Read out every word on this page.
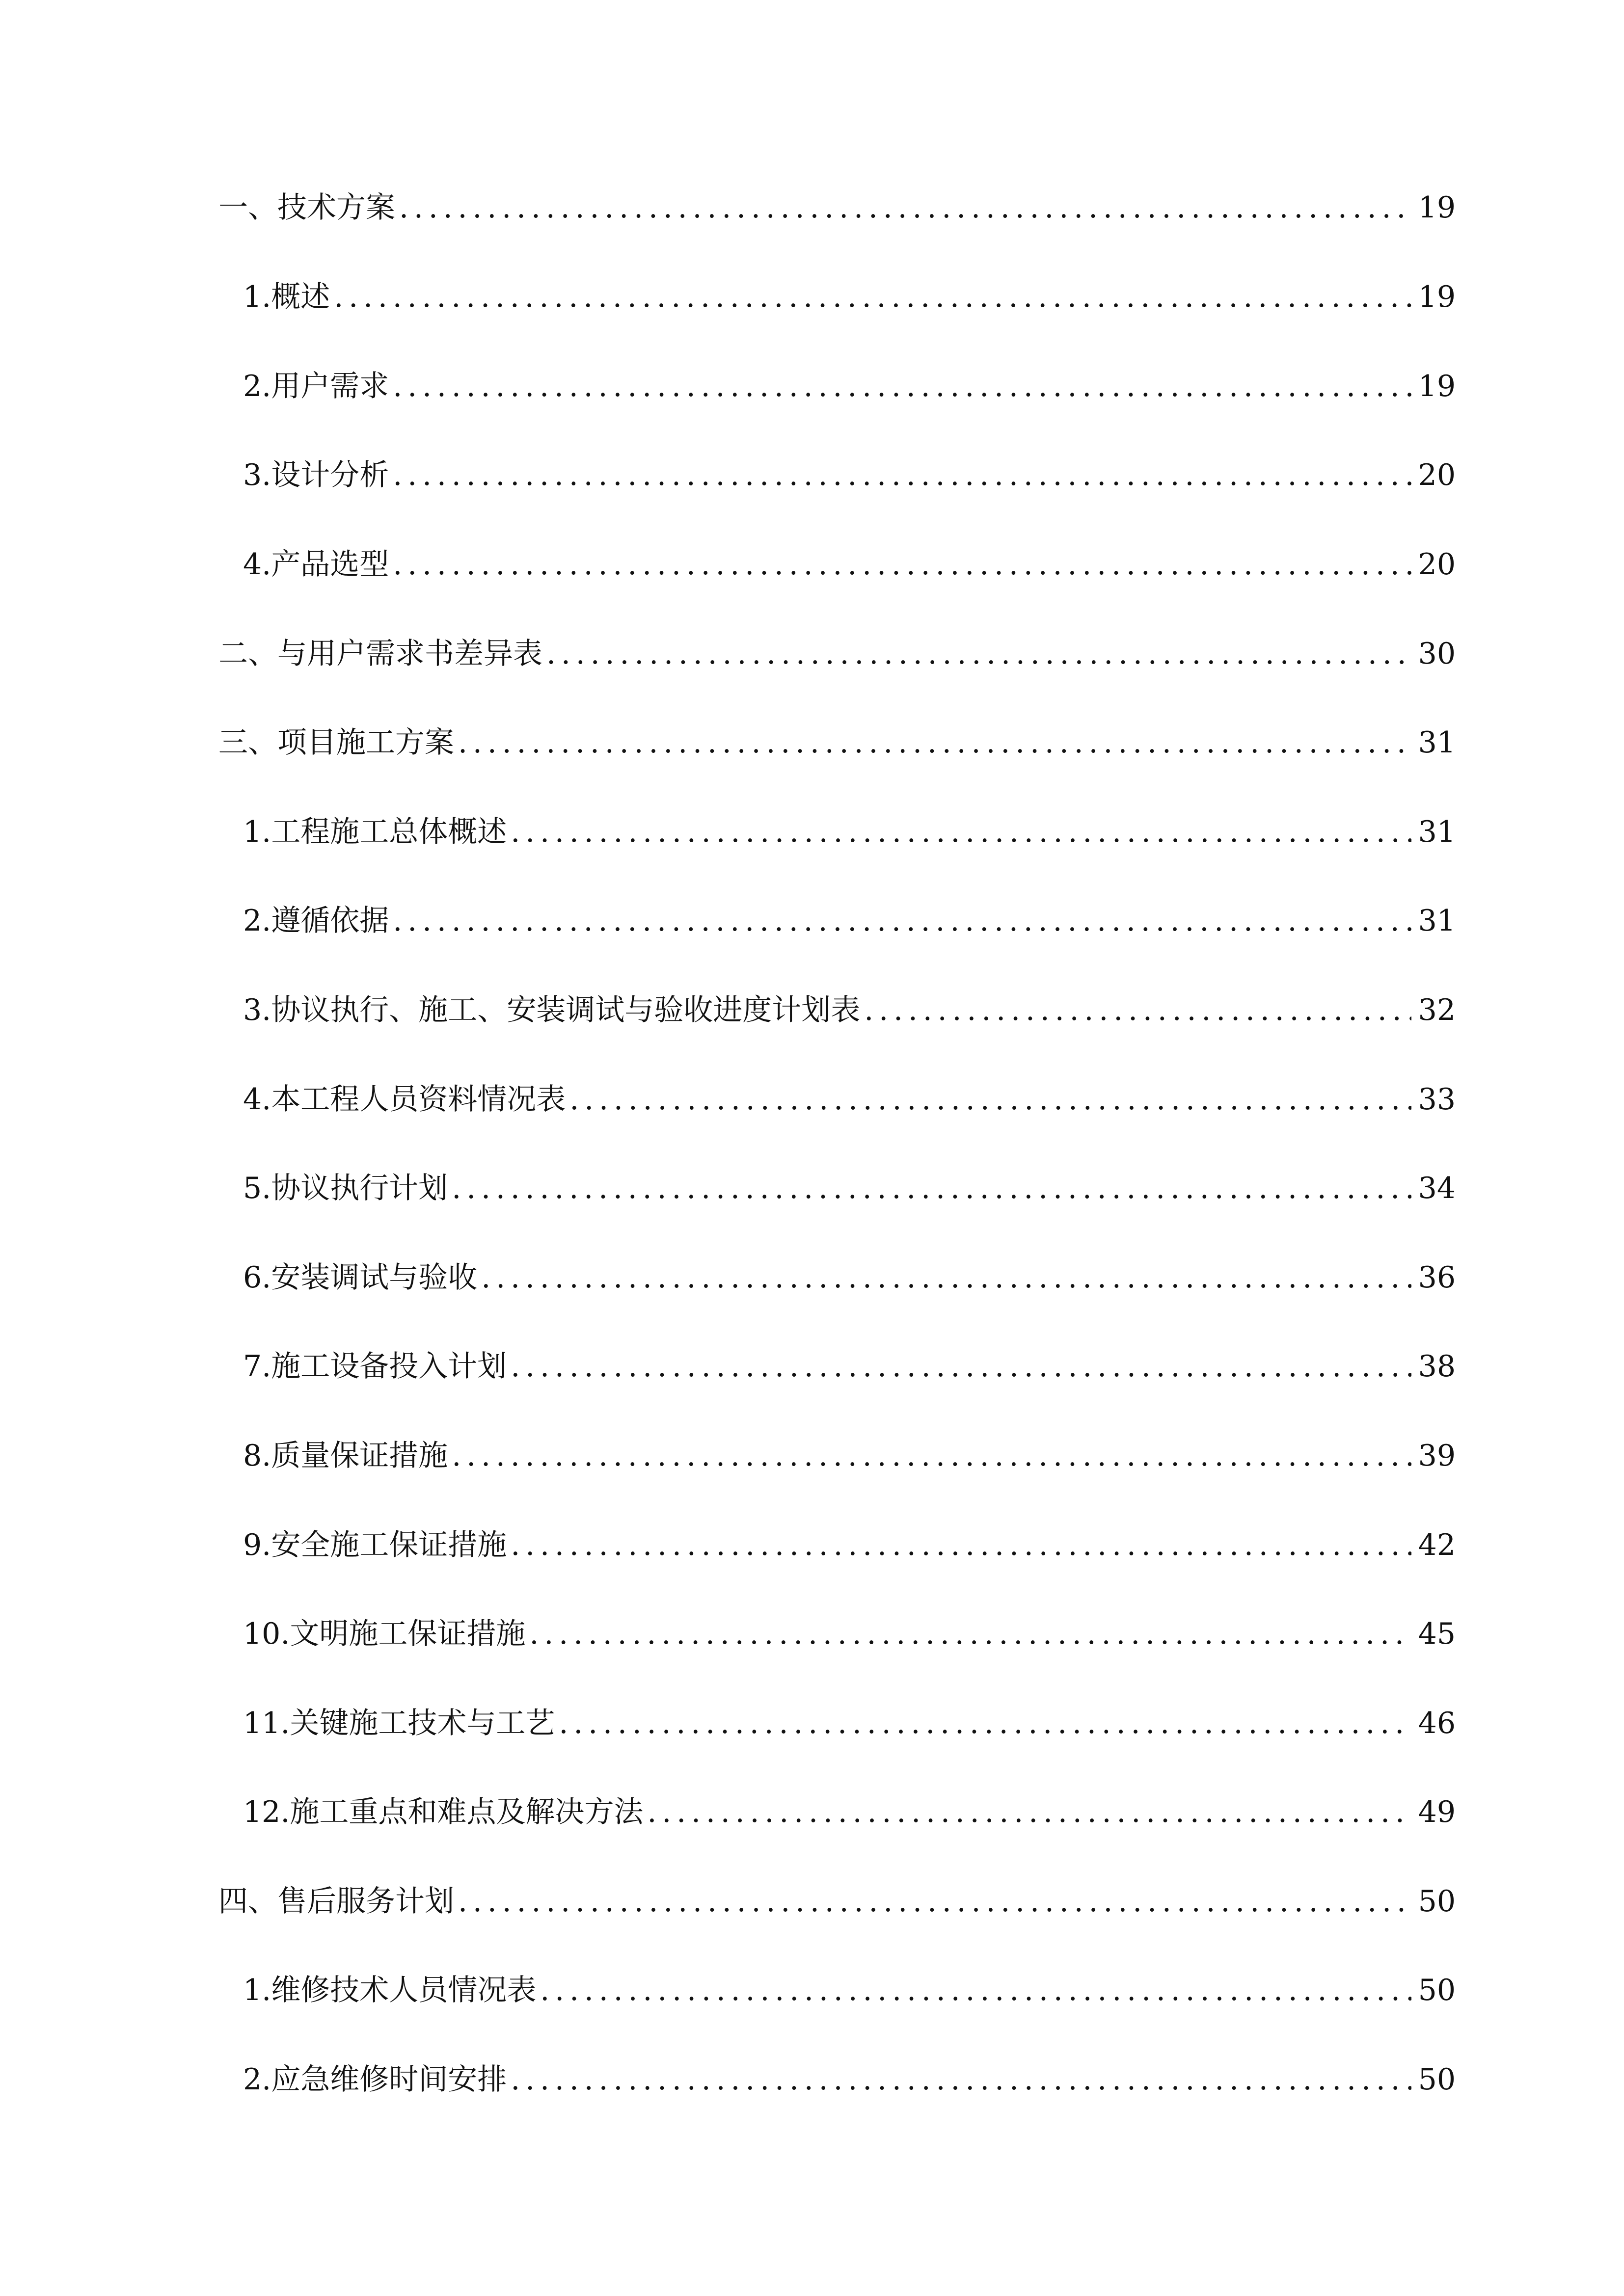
一、 技术方案 .....	19
1. 概述 .....	19
2. 用户需求 .....	19
3. 设计分析 .....	20
4. 产品选型 .....	20
二、 与用户需求书差异表 .....	30
三、 项目施工方案 .....	31
1. 工程施工总体概述 .....	31
2. 遵循依据 .....	31
3. 协议执行、施工、安装调试与验收进度计划表 .....	32
4. 本工程人员资料情况表 .....	33
5. 协议执行计划 .....	34
6. 安装调试与验收 .....	36
7. 施工设备投入计划 .....	38
8. 质量保证措施 .....	39
9. 安全施工保证措施 .....	42
10. 文明施工保证措施 .....	45
11. 关键施工技术与工艺 .....	46
12. 施工重点和难点及解决方法 .....	49
四、 售后服务计划 .....	50
1. 维修技术人员情况表 .....	50
2. 应急维修时间安排 .....	50
